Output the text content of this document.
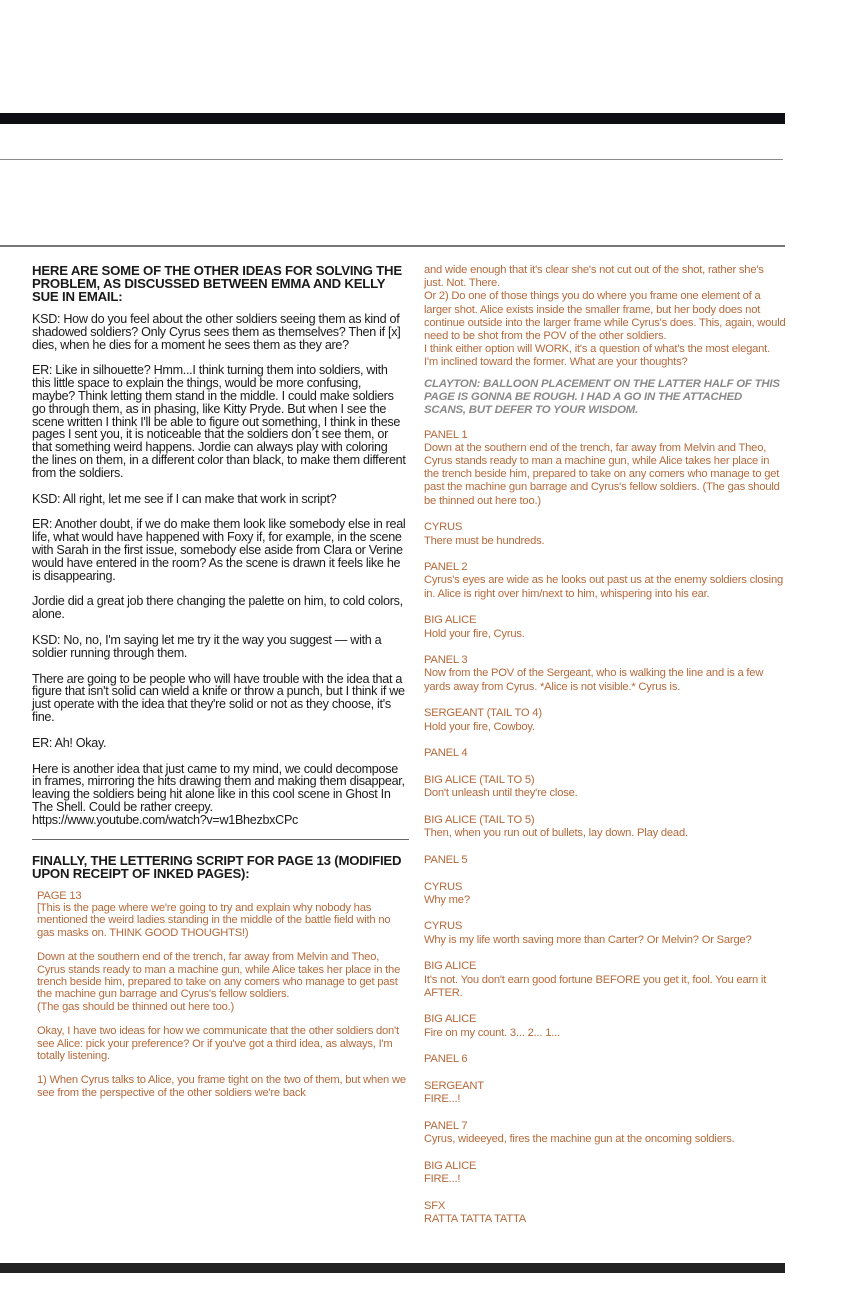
HERE ARE SOME OF THE OTHER IDEAS FOR SOLVING THE PROBLEM, AS DISCUSSED BETWEEN EMMA AND KELLY SUE IN EMAIL:
KSD: How do you feel about the other soldiers seeing them as kind of shadowed soldiers? Only Cyrus sees them as themselves? Then if [x] dies, when he dies for a moment he sees them as they are?
ER: Like in silhouette? Hmm...I think turning them into soldiers, with this little space to explain the things, would be more confusing, maybe? Think letting them stand in the middle. I could make soldiers go through them, as in phasing, like Kitty Pryde. But when I see the scene written I think I'll be able to figure out something, I think in these pages I sent you, it is noticeable that the soldiers don´t see them, or that something weird happens. Jordie can always play with coloring the lines on them, in a different color than black, to make them different from the soldiers.
KSD: All right, let me see if I can make that work in script?
ER: Another doubt, if we do make them look like somebody else in real life, what would have happened with Foxy if, for example, in the scene with Sarah in the first issue, somebody else aside from Clara or Verine would have entered in the room? As the scene is drawn it feels like he is disappearing.
Jordie did a great job there changing the palette on him, to cold colors, alone.
KSD: No, no, I'm saying let me try it the way you suggest — with a soldier running through them.
There are going to be people who will have trouble with the idea that a figure that isn't solid can wield a knife or throw a punch, but I think if we just operate with the idea that they're solid or not as they choose, it's fine.
ER: Ah! Okay.
Here is another idea that just came to my mind, we could decompose in frames, mirroring the hits drawing them and making them disappear, leaving the soldiers being hit alone like in this cool scene in Ghost In The Shell. Could be rather creepy.
https://www.youtube.com/watch?v=w1BhezbxCPc
FINALLY, THE LETTERING SCRIPT FOR PAGE 13 (MODIFIED UPON RECEIPT OF INKED PAGES):
PAGE 13
[This is the page where we're going to try and explain why nobody has mentioned the weird ladies standing in the middle of the battle field with no gas masks on. THINK GOOD THOUGHTS!)
Down at the southern end of the trench, far away from Melvin and Theo, Cyrus stands ready to man a machine gun, while Alice takes her place in the trench beside him, prepared to take on any comers who manage to get past the machine gun barrage and Cyrus's fellow soldiers.
(The gas should be thinned out here too.)
Okay, I have two ideas for how we communicate that the other soldiers don't see Alice: pick your preference? Or if you've got a third idea, as always, I'm totally listening.
1) When Cyrus talks to Alice, you frame tight on the two of them, but when we see from the perspective of the other soldiers we're back
and wide enough that it's clear she's not cut out of the shot, rather she's just. Not. There.
Or 2) Do one of those things you do where you frame one element of a larger shot. Alice exists inside the smaller frame, but her body does not continue outside into the larger frame while Cyrus's does. This, again, would need to be shot from the POV of the other soldiers.
I think either option will WORK, it's a question of what's the most elegant. I'm inclined toward the former. What are your thoughts?
CLAYTON: BALLOON PLACEMENT ON THE LATTER HALF OF THIS PAGE IS GONNA BE ROUGH. I HAD A GO IN THE ATTACHED SCANS, BUT DEFER TO YOUR WISDOM.
PANEL 1
Down at the southern end of the trench, far away from Melvin and Theo, Cyrus stands ready to man a machine gun, while Alice takes her place in the trench beside him, prepared to take on any comers who manage to get past the machine gun barrage and Cyrus's fellow soldiers. (The gas should be thinned out here too.)
CYRUS
There must be hundreds.
PANEL 2
Cyrus's eyes are wide as he looks out past us at the enemy soldiers closing in. Alice is right over him/next to him, whispering into his ear.
BIG ALICE
Hold your fire, Cyrus.
PANEL 3
Now from the POV of the Sergeant, who is walking the line and is a few yards away from Cyrus. *Alice is not visible.* Cyrus is.
SERGEANT (TAIL TO 4)
Hold your fire, Cowboy.
PANEL 4
BIG ALICE (TAIL TO 5)
Don't unleash until they're close.
BIG ALICE (TAIL TO 5)
Then, when you run out of bullets, lay down. Play dead.
PANEL 5
CYRUS
Why me?
CYRUS
Why is my life worth saving more than Carter? Or Melvin? Or Sarge?
BIG ALICE
It's not. You don't earn good fortune BEFORE you get it, fool. You earn it AFTER.
BIG ALICE
Fire on my count. 3... 2... 1...
PANEL 6
SERGEANT
FIRE...!
PANEL 7
Cyrus, wideeyed, fires the machine gun at the oncoming soldiers.
BIG ALICE
FIRE...!
SFX
RATTA TATTA TATTA
